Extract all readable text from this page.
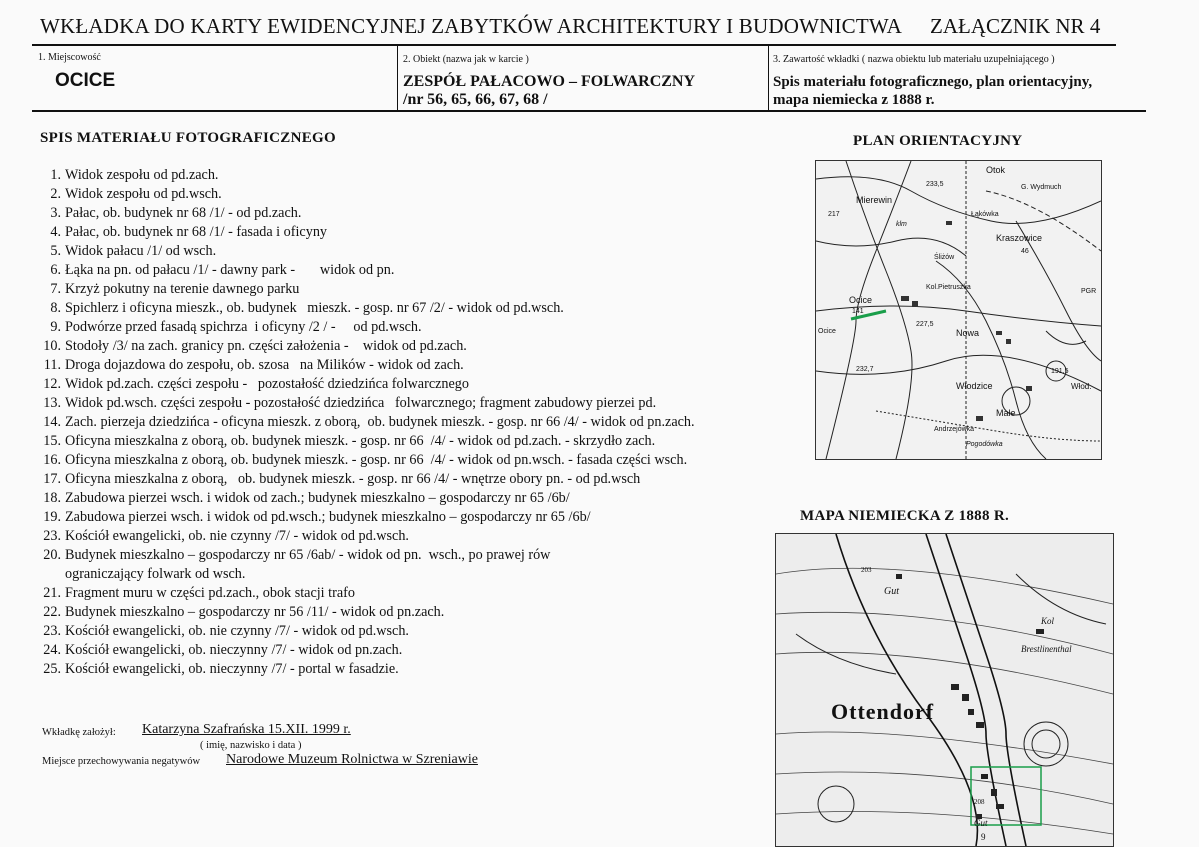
WKŁADKA DO KARTY EWIDENCYJNEJ ZABYTKÓW ARCHITEKTURY I BUDOWNICTWA ZAŁĄCZNIK NR 4
1. Miejscowość
OCICE
2. Obiekt (nazwa jak w karcie )
ZESPÓŁ PAŁACOWO – FOLWARCZNY
/nr 56, 65, 66, 67, 68 /
3. Zawartość wkładki ( nazwa obiektu lub materiału uzupełniającego )
Spis materiału fotograficznego, plan orientacyjny,
mapa niemiecka z 1888 r.
SPIS MATERIAŁU FOTOGRAFICZNEGO
1. Widok zespołu od pd.zach.
2. Widok zespołu od pd.wsch.
3. Pałac, ob. budynek nr 68 /1/ - od pd.zach.
4. Pałac, ob. budynek nr 68 /1/ - fasada i oficyny
5. Widok pałacu /1/ od wsch.
6. Łąka na pn. od pałacu /1/ - dawny park -       widok od pn.
7. Krzyż pokutny na terenie dawnego parku
8. Spichlerz i oficyna mieszk., ob. budynek   mieszk. - gosp. nr 67 /2/ - widok od pd.wsch.
9. Podwórze przed fasadą spichrza  i oficyny /2 / -     od pd.wsch.
10. Stodoły /3/ na zach. granicy pn. części założenia -    widok od pd.zach.
11. Droga dojazdowa do zespołu, ob. szosa   na Milików - widok od zach.
12. Widok pd.zach. części zespołu -   pozostałość dziedzińca folwarcznego
13. Widok pd.wsch. części zespołu - pozostałość dziedzińca   folwarcznego; fragment zabudowy pierzei pd.
14. Zach. pierzeja dziedzińca - oficyna mieszk. z oborą,  ob. budynek mieszk. - gosp. nr 66 /4/ - widok od pn.zach.
15. Oficyna mieszkalna z oborą, ob. budynek mieszk. - gosp. nr 66  /4/ - widok od pd.zach. - skrzydło zach.
16. Oficyna mieszkalna z oborą, ob. budynek mieszk. - gosp. nr 66  /4/ - widok od pn.wsch. - fasada części wsch.
17. Oficyna mieszkalna z oborą,   ob. budynek mieszk. - gosp. nr 66 /4/ - wnętrze obory pn. - od pd.wsch
18. Zabudowa pierzei wsch. i widok od zach.; budynek mieszkalno – gospodarczy nr 65 /6b/
19. Zabudowa pierzei wsch. i widok od pd.wsch.; budynek mieszkalno – gospodarczy nr 65 /6b/
23. Kościół ewangelicki, ob. nie czynny /7/ - widok od pd.wsch.
20. Budynek mieszkalno – gospodarczy nr 65 /6ab/ - widok od pn.  wsch., po prawej rów
ograniczający folwark od wsch.
21. Fragment muru w części pd.zach., obok stacji trafo
22. Budynek mieszkalno – gospodarczy nr 56 /11/ - widok od pn.zach.
23. Kościół ewangelicki, ob. nie czynny /7/ - widok od pd.wsch.
24. Kościół ewangelicki, ob. nieczynny /7/ - widok od pn.zach.
25. Kościół ewangelicki, ob. nieczynny /7/ - portal w fasadzie.
Wkładkę założył: Katarzyna Szafrańska 15.XII. 1999 r.
( imię, nazwisko i data )
Miejsce przechowywania negatywów Narodowe Muzeum Rolnictwa w Szreniawie
PLAN ORIENTACYJNY
Otok
G. Wydmuch
Mierewin
Łąkówka
Kraszowice
Śliżów
Kol.Pietruszka
Ocice
Nowa
Włodzice	Włod.
Małe
Andrzejówka
Pogodówka
PGR
klm
Ocice
233,5
217
46
141
227,5
191,5
232,7
MAPA NIEMIECKA Z 1888 R.
Ottendorf
Gut
Brestlinenthal
Kol
203
208
Gut
9
